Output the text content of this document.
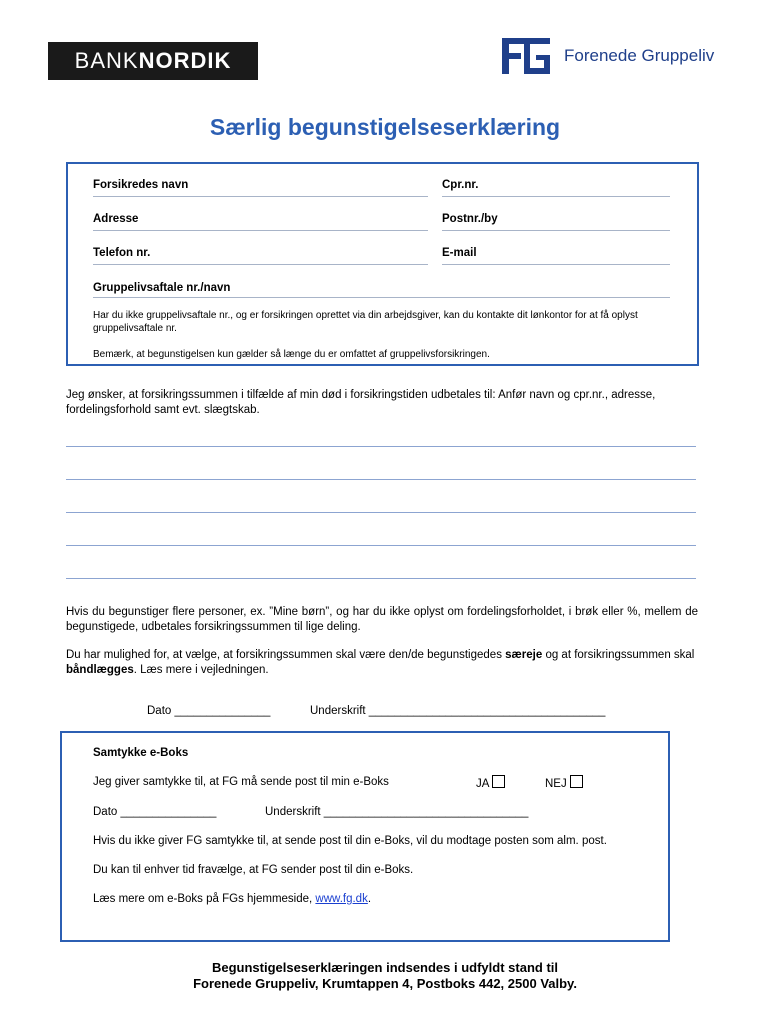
BANK NORDIK	Forenede Gruppeliv
Særlig begunstigelseserklæring
Forsikredes navn	Cpr.nr.
Adresse	Postnr./by
Telefon nr.	E-mail
Gruppelivsaftale nr./navn
Har du ikke gruppelivsaftale nr., og er forsikringen oprettet via din arbejdsgiver, kan du kontakte dit lønkontor for at få oplyst gruppelivsaftale nr.
Bemærk, at begunstigelsen kun gælder så længe du er omfattet af gruppelivsforsikringen.
Jeg ønsker, at forsikringssummen i tilfælde af min død i forsikringstiden udbetales til: Anfør navn og cpr.nr., adresse, fordelingsforhold samt evt. slægtskab.
Hvis du begunstiger flere personer, ex. ”Mine børn”, og har du ikke oplyst om fordelingsforholdet, i brøk eller %, mellem de begunstigede, udbetales forsikringssummen til lige deling.
Du har mulighed for, at vælge, at forsikringssummen skal være den/de begunstigedes særeje og at forsikringssummen skal båndlægges. Læs mere i vejledningen.
Dato _______________	Underskrift _____________________________________
Samtykke e-Boks
Jeg giver samtykke til, at FG må sende post til min e-Boks	JA	NEJ
Dato _______________	Underskrift ________________________________
Hvis du ikke giver FG samtykke til, at sende post til din e-Boks, vil du modtage posten som alm. post.
Du kan til enhver tid fravælge, at FG sender post til din e-Boks.
Læs mere om e-Boks på FGs hjemmeside, www.fg.dk.
Begunstigelseserklæringen indsendes i udfyldt stand til
Forenede Gruppeliv, Krumtappen 4, Postboks 442, 2500 Valby.
